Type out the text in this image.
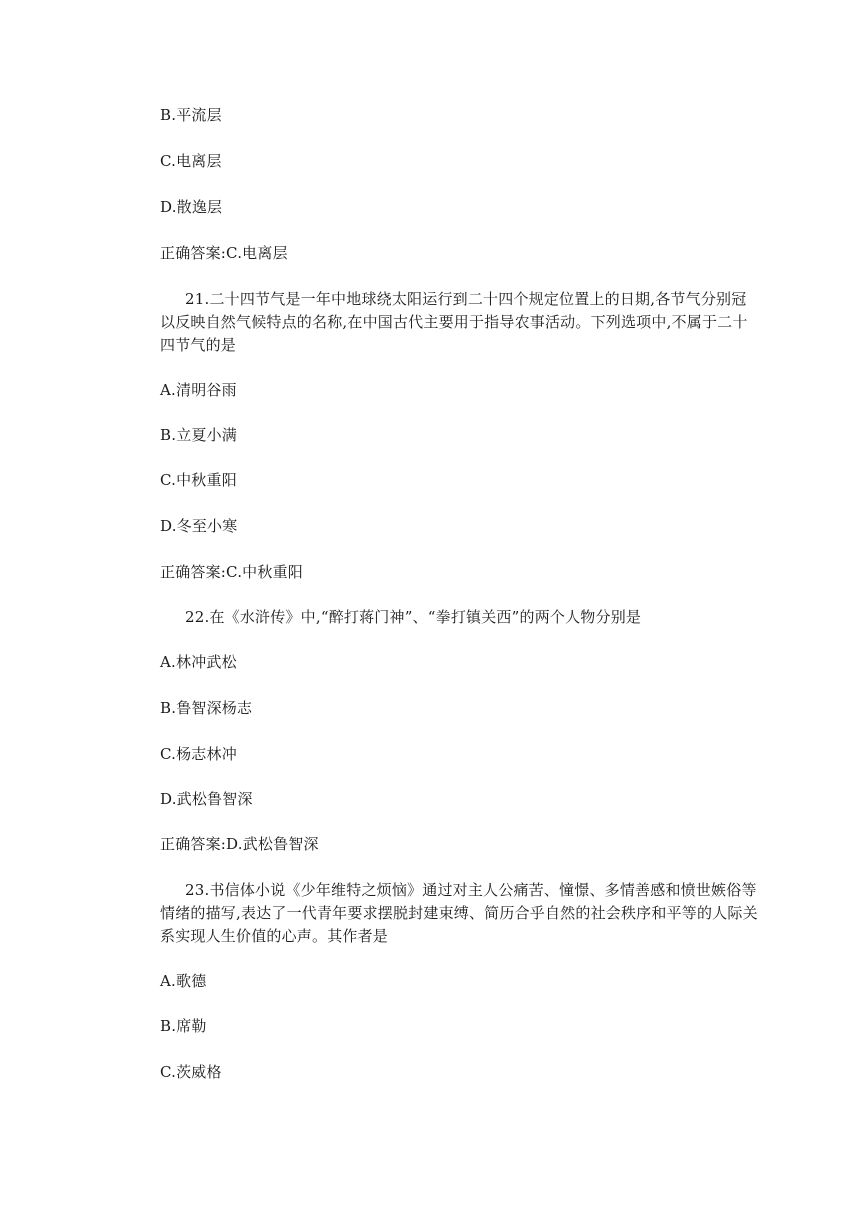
B.平流层
C.电离层
D.散逸层
正确答案:C.电离层
21.二十四节气是一年中地球绕太阳运行到二十四个规定位置上的日期,各节气分别冠
以反映自然气候特点的名称,在中国古代主要用于指导农事活动。下列选项中,不属于二十
四节气的是
A.清明谷雨
B.立夏小满
C.中秋重阳
D.冬至小寒
正确答案:C.中秋重阳
22.在《水浒传》中,“醉打蒋门神”、“拳打镇关西”的两个人物分别是
A.林冲武松
B.鲁智深杨志
C.杨志林冲
D.武松鲁智深
正确答案:D.武松鲁智深
23.书信体小说《少年维特之烦恼》通过对主人公痛苦、憧憬、多情善感和愤世嫉俗等
情绪的描写,表达了一代青年要求摆脱封建束缚、简历合乎自然的社会秩序和平等的人际关
系实现人生价值的心声。其作者是
A.歌德
B.席勒
C.茨威格
